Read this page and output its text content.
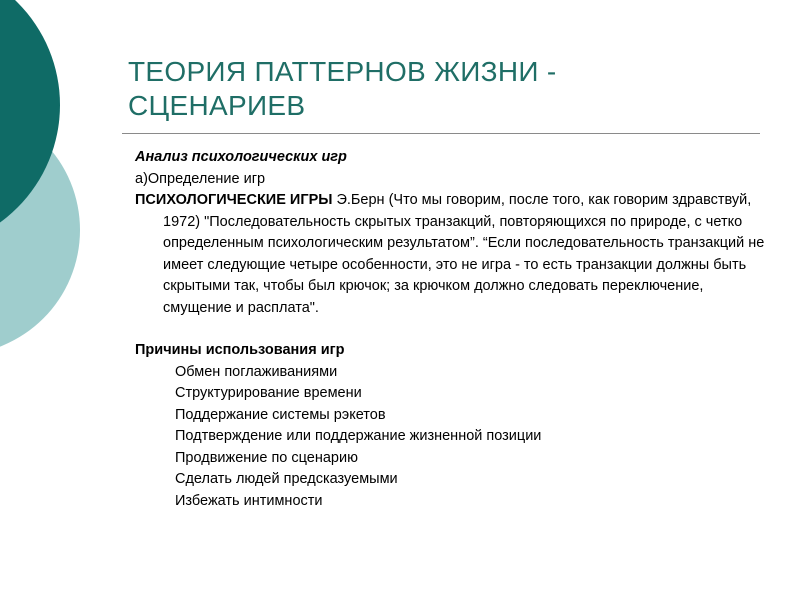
ТЕОРИЯ ПАТТЕРНОВ ЖИЗНИ - СЦЕНАРИЕВ

Анализ психологических игр

а)Определение игр

ПСИХОЛОГИЧЕСКИЕ ИГРЫ Э.Берн (Что мы говорим, после того, как говорим здравствуй, 1972) "Последовательность скрытых транзакций, повторяющихся по природе, с четко определенным психологическим результатом”. “Если последовательность транзакций не имеет следующие четыре особенности, это не игра - то есть транзакции должны быть скрытыми так, чтобы был крючок; за крючком должно следовать переключение, смущение и расплата".

Причины использования игр

Обмен поглаживаниями
Структурирование времени
Поддержание системы рэкетов
Подтверждение или поддержание жизненной позиции
Продвижение по сценарию
Сделать людей предсказуемыми
Избежать интимности
